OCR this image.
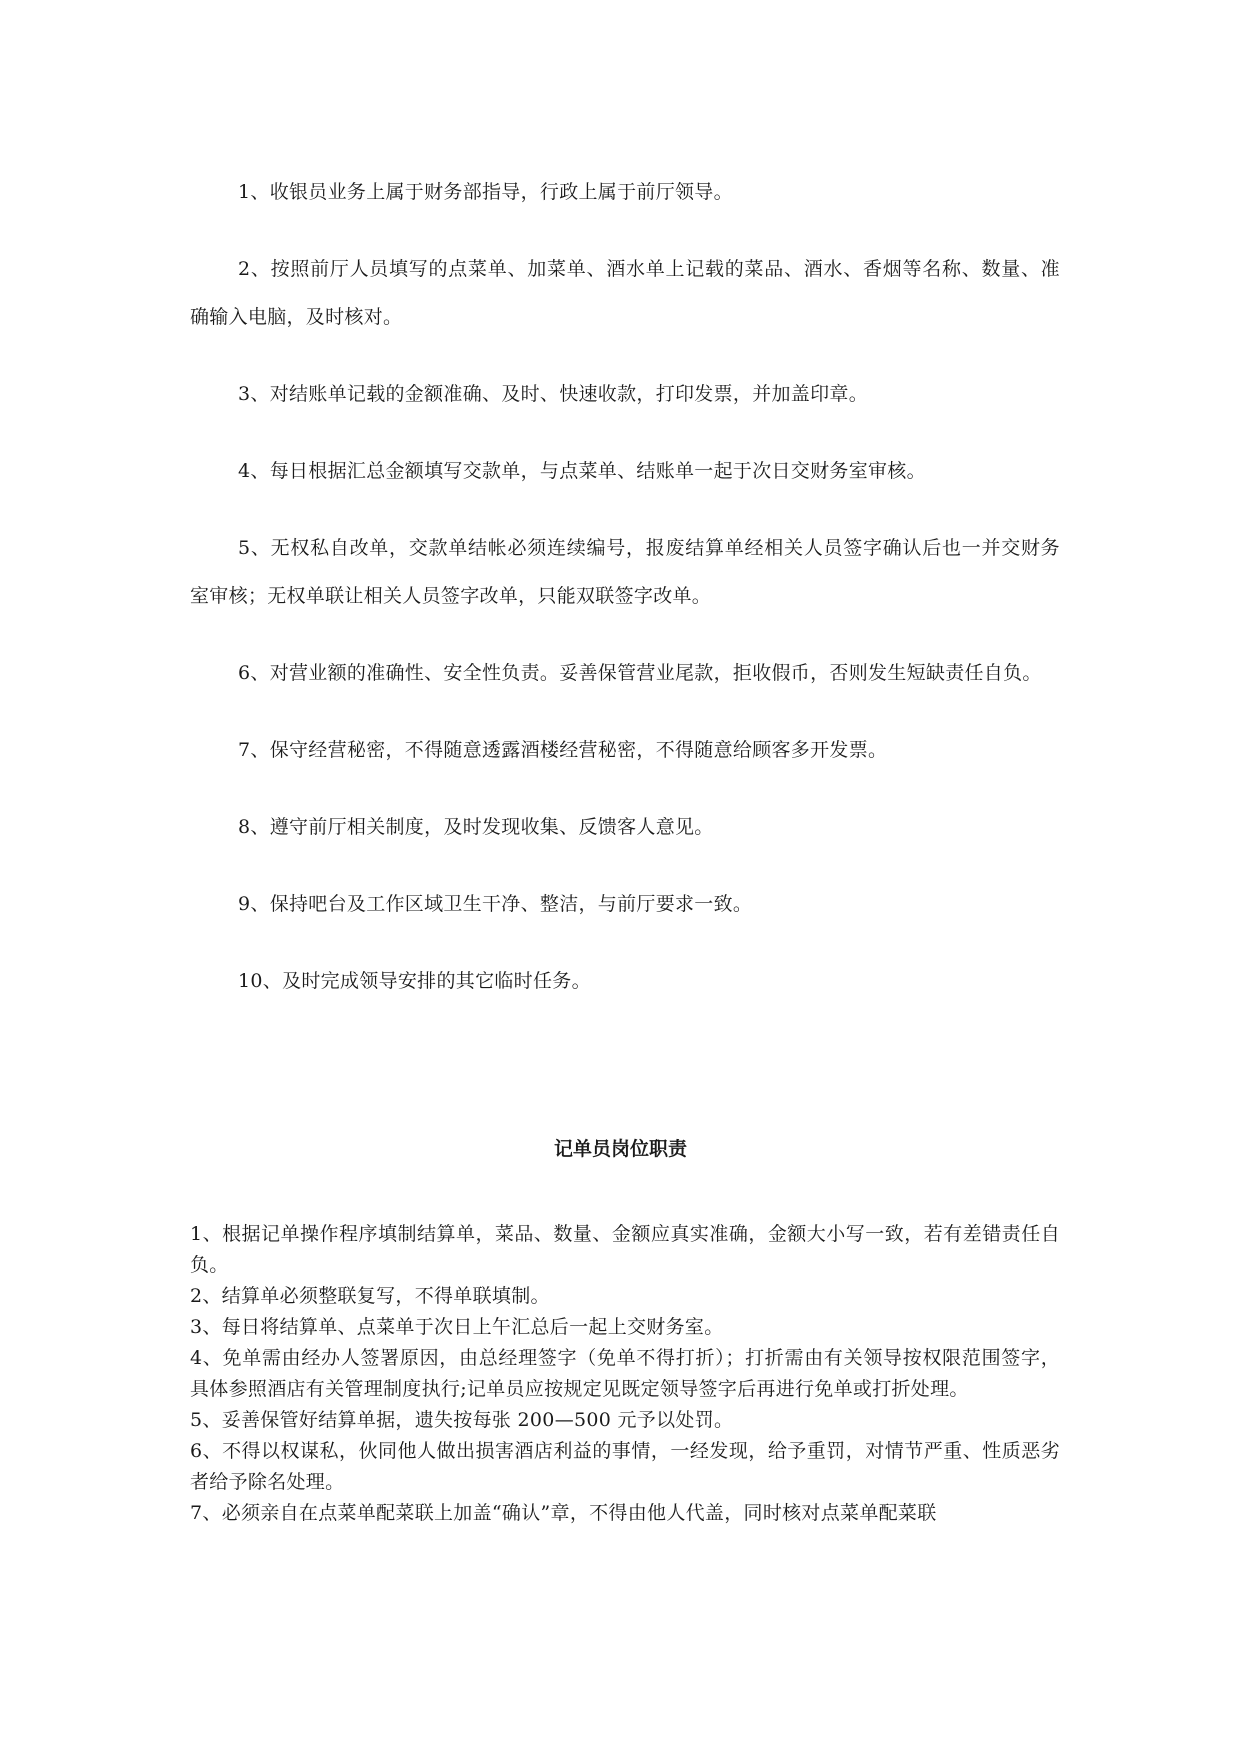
1、收银员业务上属于财务部指导，行政上属于前厅领导。

2、按照前厅人员填写的点菜单、加菜单、酒水单上记载的菜品、酒水、香烟等名称、数量、准确输入电脑，及时核对。

3、对结账单记载的金额准确、及时、快速收款，打印发票，并加盖印章。

4、每日根据汇总金额填写交款单，与点菜单、结账单一起于次日交财务室审核。

5、无权私自改单，交款单结帐必须连续编号，报废结算单经相关人员签字确认后也一并交财务室审核；无权单联让相关人员签字改单，只能双联签字改单。

6、对营业额的准确性、安全性负责。妥善保管营业尾款，拒收假币，否则发生短缺责任自负。

7、保守经营秘密，不得随意透露酒楼经营秘密，不得随意给顾客多开发票。

8、遵守前厅相关制度，及时发现收集、反馈客人意见。

9、保持吧台及工作区域卫生干净、整洁，与前厅要求一致。

10、及时完成领导安排的其它临时任务。

记单员岗位职责

1、根据记单操作程序填制结算单，菜品、数量、金额应真实准确，金额大小写一致，若有差错责任自负。

2、结算单必须整联复写，不得单联填制。

3、每日将结算单、点菜单于次日上午汇总后一起上交财务室。

4、免单需由经办人签署原因，由总经理签字（免单不得打折）；打折需由有关领导按权限范围签字，具体参照酒店有关管理制度执行;记单员应按规定见既定领导签字后再进行免单或打折处理。

5、妥善保管好结算单据，遗失按每张 200—500 元予以处罚。

6、不得以权谋私，伙同他人做出损害酒店利益的事情，一经发现，给予重罚，对情节严重、性质恶劣者给予除名处理。

7、必须亲自在点菜单配菜联上加盖“确认”章，不得由他人代盖，同时核对点菜单配菜联
